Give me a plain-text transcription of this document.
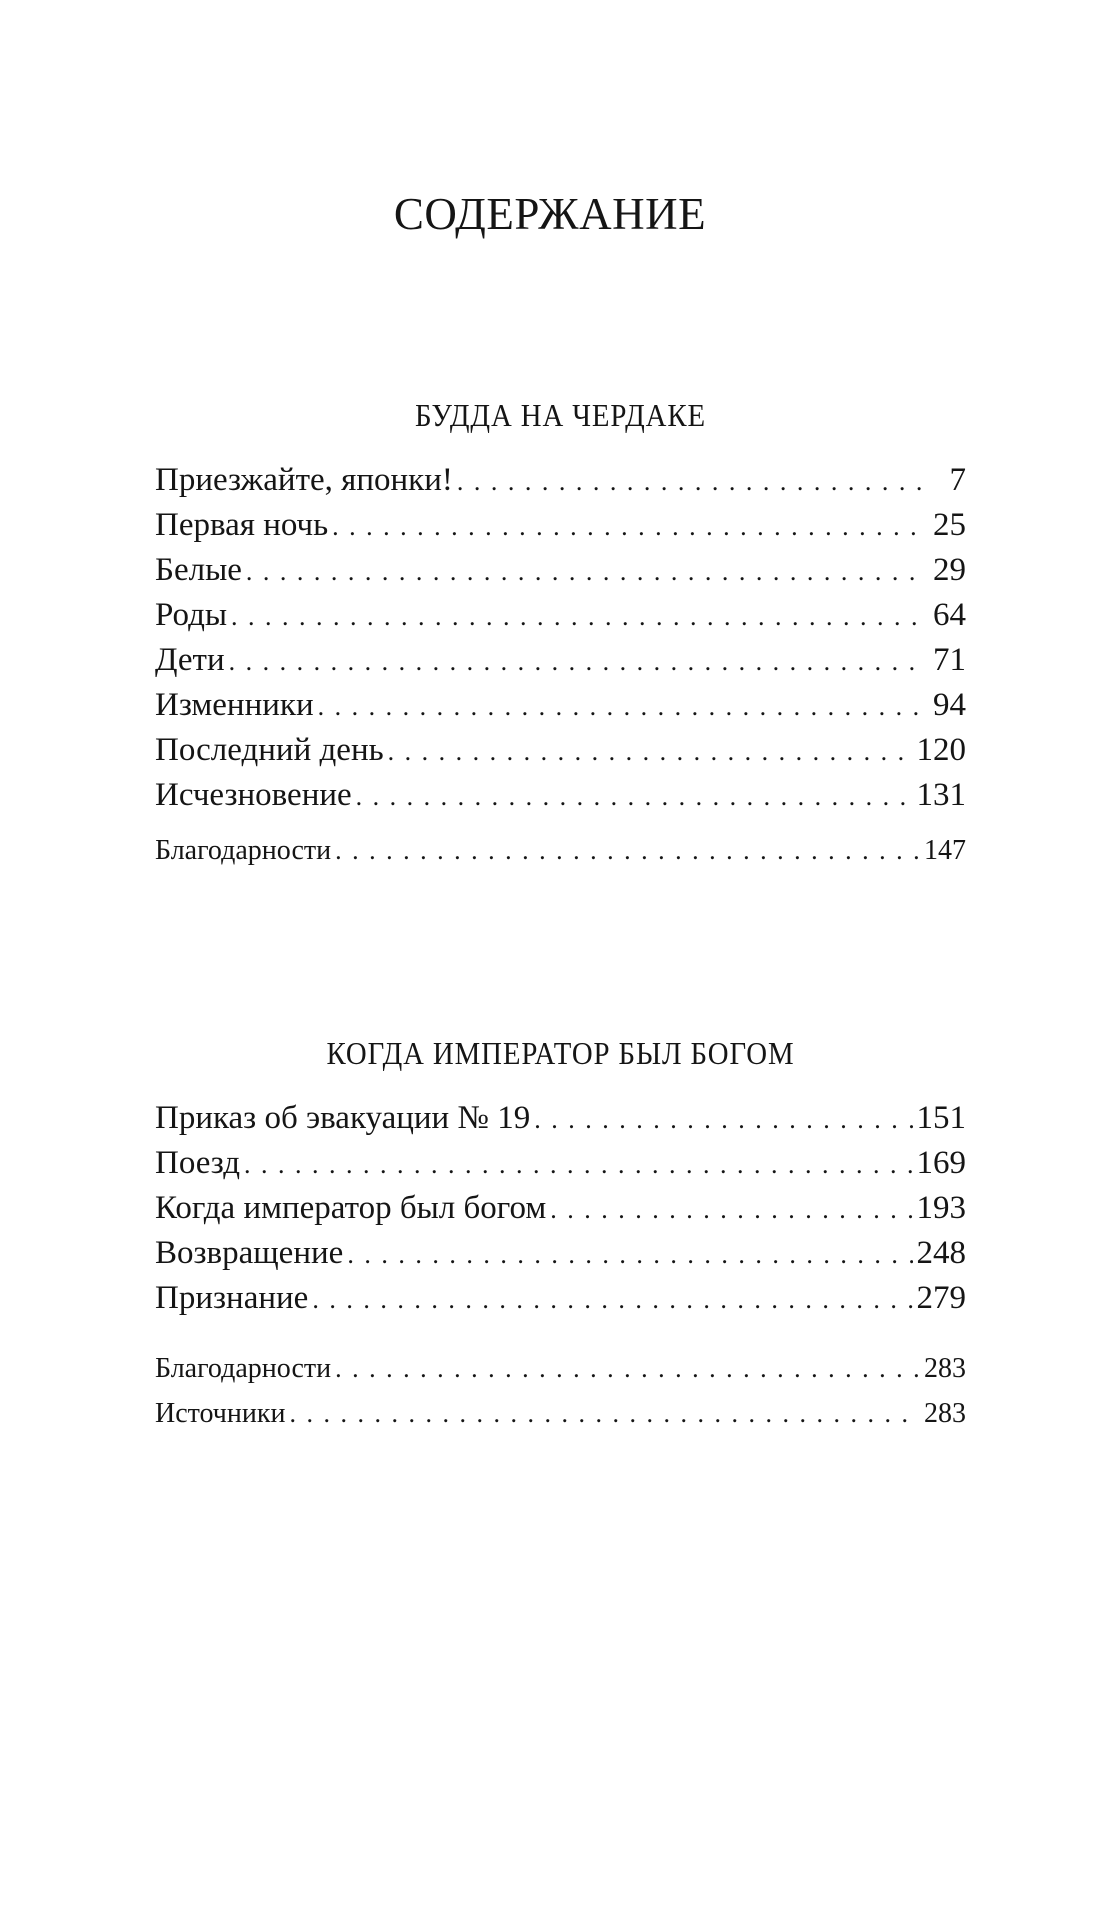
СОДЕРЖАНИЕ
БУДДА НА ЧЕРДАКЕ
Приезжайте, японки! . . .	7
Первая ночь . . .	25
Белые . . .	29
Роды . . .	64
Дети . . .	71
Изменники . . .	94
Последний день . . .	120
Исчезновение . . .	131
Благодарности . . .	147
КОГДА ИМПЕРАТОР БЫЛ БОГОМ
Приказ об эвакуации № 19 . . .	151
Поезд . . .	169
Когда император был богом . . .	193
Возвращение . . .	248
Признание . . .	279
Благодарности . . .	283
Источники . . .	283
